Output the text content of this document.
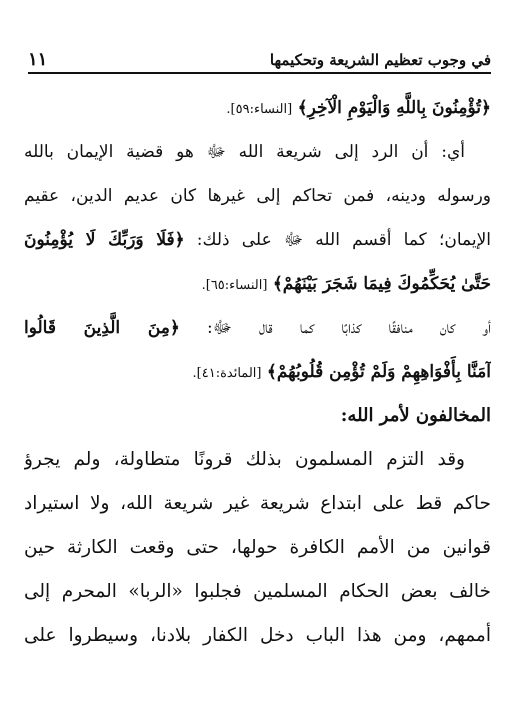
في وجوب تعظيم الشريعة وتحكيمها
١١
﴿تُؤْمِنُونَ بِاللَّهِ وَالْيَوْمِ الْآخِرِ﴾ [النساء:٥٩].
أي: أن الرد إلى شريعة الله ﷻ هو قضية الإيمان بالله
ورسوله ودينه، فمن تحاكم إلى غيرها كان عديم الدين، عقيم
الإيمان؛ كما أقسم الله ﷻ على ذلك: ﴿فَلَا وَرَبِّكَ لَا يُؤْمِنُونَ
حَتَّىٰ يُحَكِّمُوكَ فِيمَا شَجَرَ بَيْنَهُمْ﴾ [النساء:٦٥].
أو كان منافقًا كذابًا كما قال ﷻ: ﴿مِنَ الَّذِينَ قَالُوا
آمَنَّا بِأَفْوَاهِهِمْ وَلَمْ تُؤْمِن قُلُوبُهُمْ﴾ [المائدة:٤١].
المخالفون لأمر الله:
وقد التزم المسلمون بذلك قرونًا متطاولة، ولم يجرؤ
حاكم قط على ابتداع شريعة غير شريعة الله، ولا استيراد
قوانين من الأمم الكافرة حولها، حتى وقعت الكارثة حين
خالف بعض الحكام المسلمين فجلبوا «الربا» المحرم إلى
أممهم، ومن هذا الباب دخل الكفار بلادنا، وسيطروا على
